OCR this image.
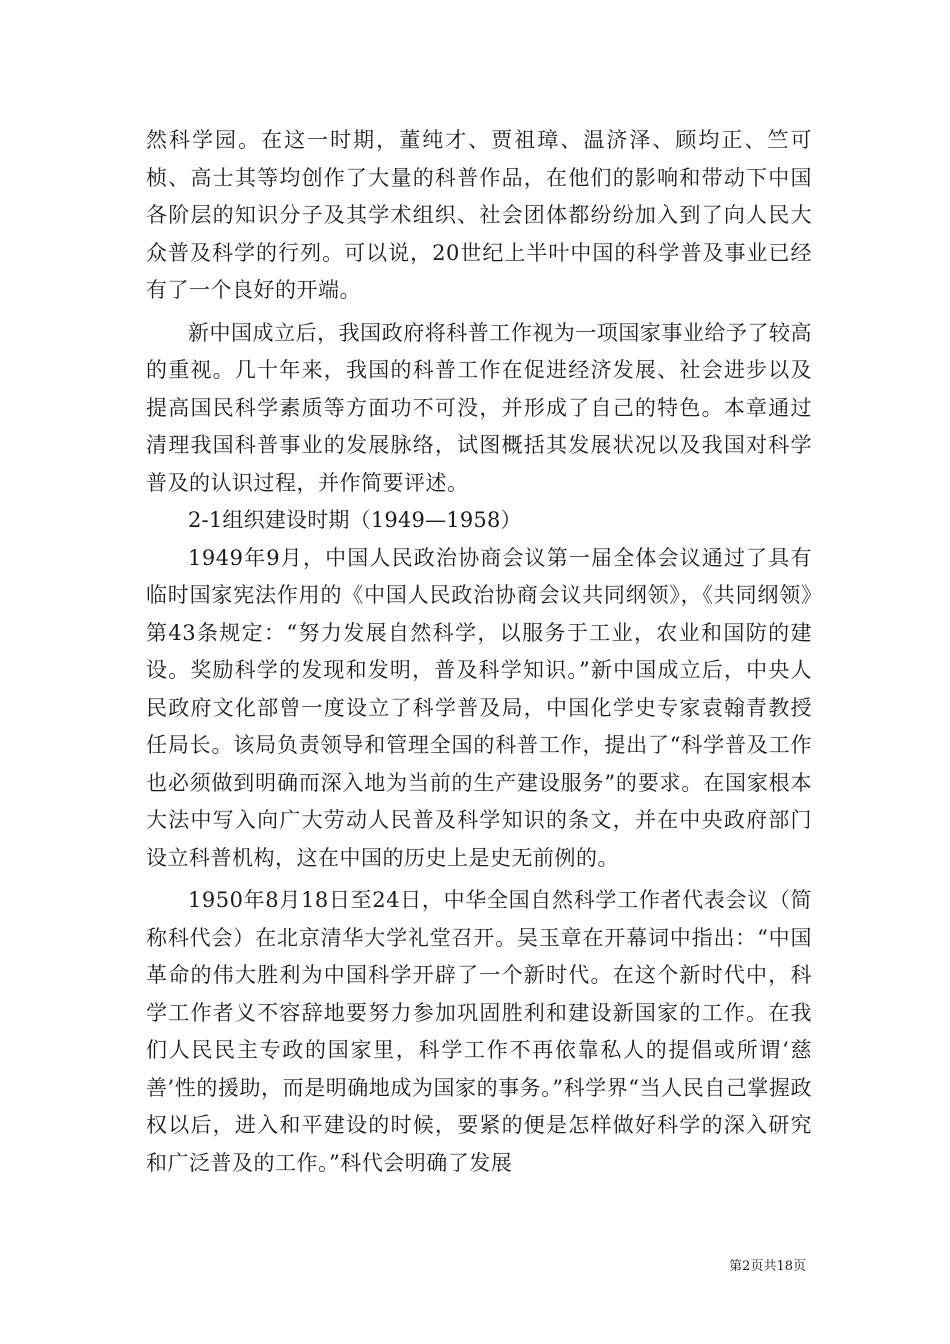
然科学园。在这一时期，董纯才、贾祖璋、温济泽、顾均正、竺可桢、高士其等均创作了大量的科普作品，在他们的影响和带动下中国各阶层的知识分子及其学术组织、社会团体都纷纷加入到了向人民大众普及科学的行列。可以说，20世纪上半叶中国的科学普及事业已经有了一个良好的开端。

新中国成立后，我国政府将科普工作视为一项国家事业给予了较高的重视。几十年来，我国的科普工作在促进经济发展、社会进步以及提高国民科学素质等方面功不可没，并形成了自己的特色。本章通过清理我国科普事业的发展脉络，试图概括其发展状况以及我国对科学普及的认识过程，并作简要评述。

2-1组织建设时期（1949—1958）

1949年9月，中国人民政治协商会议第一届全体会议通过了具有临时国家宪法作用的《中国人民政治协商会议共同纲领》，《共同纲领》第43条规定：“努力发展自然科学，以服务于工业，农业和国防的建设。奖励科学的发现和发明，普及科学知识。”新中国成立后，中央人民政府文化部曾一度设立了科学普及局，中国化学史专家袁翰青教授任局长。该局负责领导和管理全国的科普工作，提出了“科学普及工作也必须做到明确而深入地为当前的生产建设服务”的要求。在国家根本大法中写入向广大劳动人民普及科学知识的条文，并在中央政府部门设立科普机构，这在中国的历史上是史无前例的。

1950年8月18日至24日，中华全国自然科学工作者代表会议（简称科代会）在北京清华大学礼堂召开。吴玉章在开幕词中指出：“中国革命的伟大胜利为中国科学开辟了一个新时代。在这个新时代中，科学工作者义不容辞地要努力参加巩固胜利和建设新国家的工作。在我们人民民主专政的国家里，科学工作不再依靠私人的提倡或所谓‘慈善’性的援助，而是明确地成为国家的事务。”科学界“当人民自己掌握政权以后，进入和平建设的时候，要紧的便是怎样做好科学的深入研究和广泛普及的工作。”科代会明确了发展

第2页共18页
